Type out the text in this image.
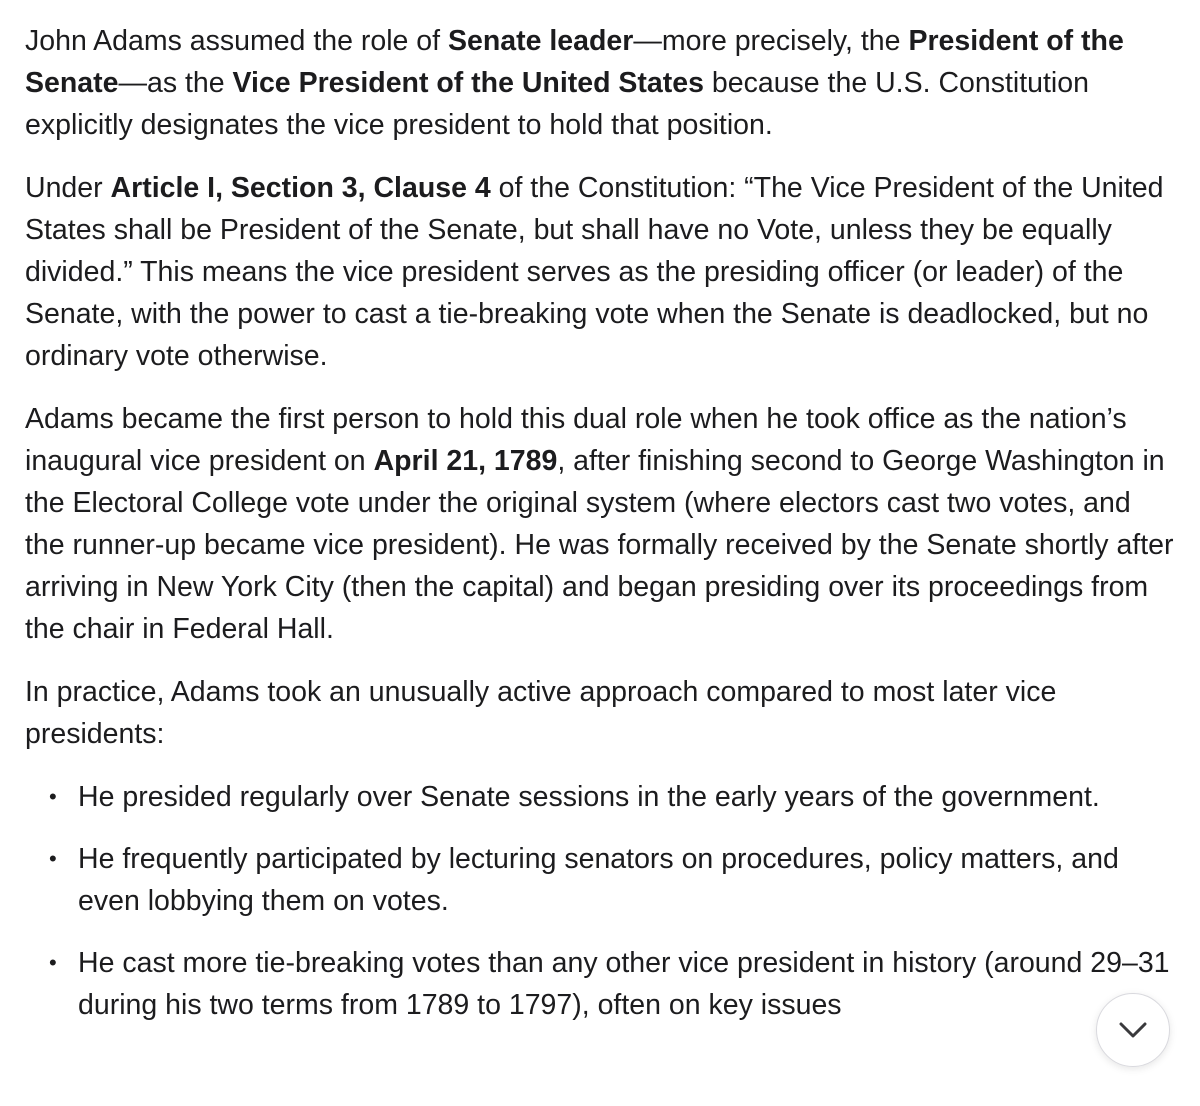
John Adams assumed the role of Senate leader—more precisely, the President of the Senate—as the Vice President of the United States because the U.S. Constitution explicitly designates the vice president to hold that position.

Under Article I, Section 3, Clause 4 of the Constitution: “The Vice President of the United States shall be President of the Senate, but shall have no Vote, unless they be equally divided.” This means the vice president serves as the presiding officer (or leader) of the Senate, with the power to cast a tie-breaking vote when the Senate is deadlocked, but no ordinary vote otherwise.

Adams became the first person to hold this dual role when he took office as the nation’s inaugural vice president on April 21, 1789, after finishing second to George Washington in the Electoral College vote under the original system (where electors cast two votes, and the runner-up became vice president). He was formally received by the Senate shortly after arriving in New York City (then the capital) and began presiding over its proceedings from the chair in Federal Hall.

In practice, Adams took an unusually active approach compared to most later vice presidents:

• He presided regularly over Senate sessions in the early years of the government.
• He frequently participated by lecturing senators on procedures, policy matters, and even lobbying them on votes.
• He cast more tie-breaking votes than any other vice president in history (around 29–31 during his two terms from 1789 to 1797), often on key issues
